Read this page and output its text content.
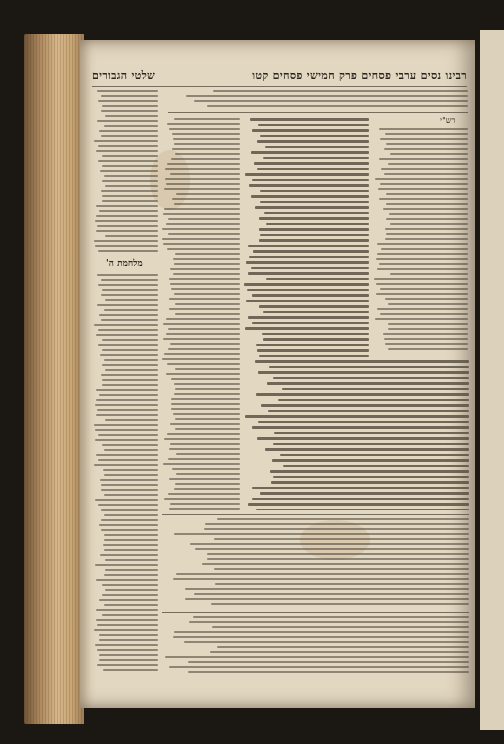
רבינו נסים ערבי פסחים פרק חמישי פסחים קטו
שלטי הגבורים
מלחמת ה'
רש"י
